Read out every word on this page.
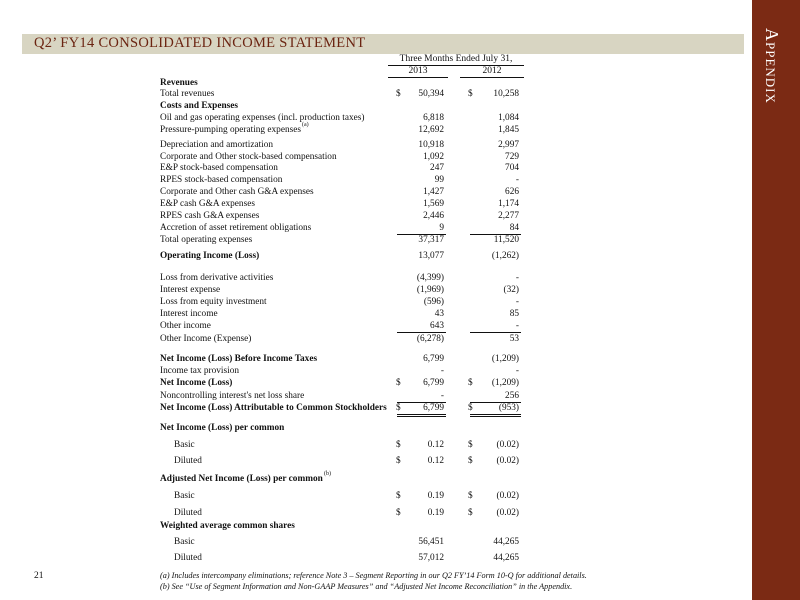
Appendix
Q2’ FY14 CONSOLIDATED INCOME STATEMENT
Three Months Ended July 31,
2013	2012
Revenues
Total revenues	$	50,394	$	10,258
Costs and Expenses
Oil and gas operating expenses (incl. production taxes)	6,818	1,084
Pressure-pumping operating expenses (a)	12,692	1,845
Depreciation and amortization	10,918	2,997
Corporate and Other stock-based compensation	1,092	729
E&P stock-based compensation	247	704
RPES stock-based compensation	99	-
Corporate and Other cash G&A expenses	1,427	626
E&P cash G&A expenses	1,569	1,174
RPES cash G&A expenses	2,446	2,277
Accretion of asset retirement obligations	9	84
Total operating expenses	37,317	11,520
Operating Income (Loss)	13,077	(1,262)
Loss from derivative activities	(4,399)	-
Interest expense	(1,969)	(32)
Loss from equity investment	(596)	-
Interest income	43	85
Other income	643	-
Other Income (Expense)	(6,278)	53
Net Income (Loss) Before Income Taxes	6,799	(1,209)
Income tax provision	-	-
Net Income (Loss)	$	6,799	$	(1,209)
Noncontrolling interest's net loss share	-	256
Net Income (Loss) Attributable to Common Stockholders $	6,799	$	(953)
Net Income (Loss) per common
Basic	$	0.12	$	(0.02)
Diluted	$	0.12	$	(0.02)
Adjusted Net Income (Loss) per common (b)
Basic	$	0.19	$	(0.02)
Diluted	$	0.19	$	(0.02)
Weighted average common shares
Basic	56,451	44,265
Diluted	57,012	44,265
21	(a) Includes intercompany eliminations; reference Note 3 – Segment Reporting in our Q2 FY’14 Form 10-Q for additional details.
(b) See “Use of Segment Information and Non-GAAP Measures” and “Adjusted Net Income Reconciliation” in the Appendix.
